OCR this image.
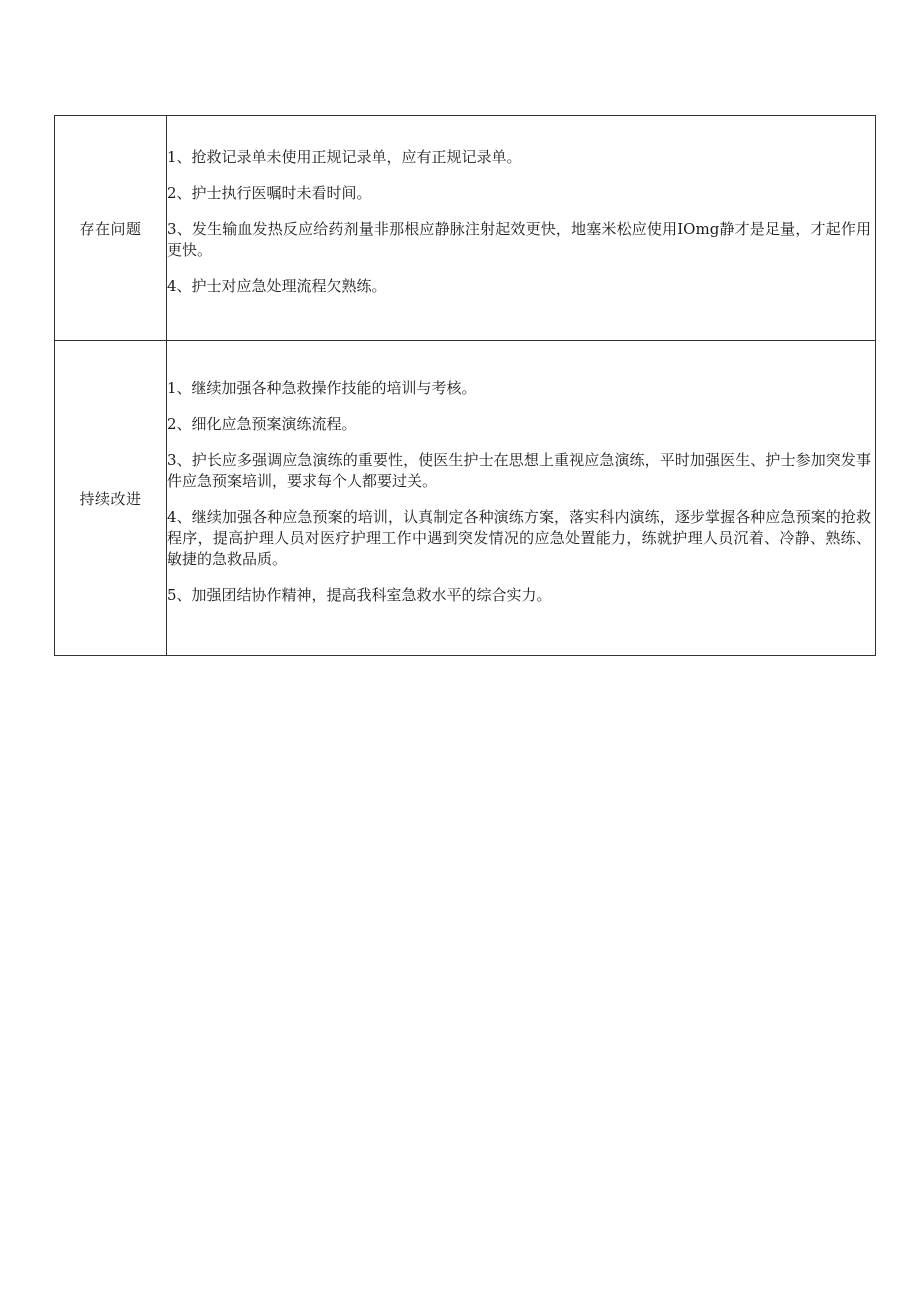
存在问题	1、抢救记录单未使用正规记录单，应有正规记录单。

2、护士执行医嘱时未看时间。

3、发生输血发热反应给药剂量非那根应静脉注射起效更快，地塞米松应使用IOmg静才是足量，才起作用更快。

4、护士对应急处理流程欠熟练。

持续改进	1、继续加强各种急救操作技能的培训与考核。

2、细化应急预案演练流程。

3、护长应多强调应急演练的重要性，使医生护士在思想上重视应急演练，平时加强医生、护士参加突发事件应急预案培训，要求每个人都要过关。

4、继续加强各种应急预案的培训，认真制定各种演练方案，落实科内演练，逐步掌握各种应急预案的抢救程序，提高护理人员对医疗护理工作中遇到突发情况的应急处置能力，练就护理人员沉着、冷静、熟练、敏捷的急救品质。

5、加强团结协作精神，提高我科室急救水平的综合实力。
